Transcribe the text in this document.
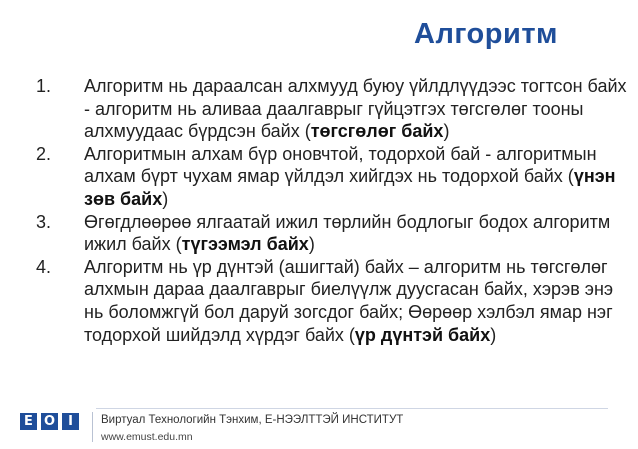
Алгоритм
1.	Алгоритм нь дараалсан алхмууд буюу үйлдлүүдээс тогтсон байх - алгоритм нь аливаа даалгаврыг гүйцэтгэх төгсгөлөг тооны алхмуудаас бүрдсэн байх (төгсгөлөг байх)
2.	Алгоритмын алхам бүр оновчтой, тодорхой бай - алгоритмын алхам бүрт чухам ямар үйлдэл хийгдэх нь тодорхой байх (үнэн зөв байх)
3.	Өгөгдлөөрөө ялгаатай ижил төрлийн бодлогыг бодох алгоритм ижил байх (түгээмэл байх)
4.	Алгоритм нь үр дүнтэй (ашигтай) байх – алгоритм нь төгсгөлөг алхмын дараа даалгаврыг биелүүлж дуусгасан байх, хэрэв энэ нь боломжгүй бол даруй зогсдог байх; Өөрөөр хэлбэл ямар нэг тодорхой шийдэлд хүрдэг байх (үр дүнтэй байх)
E O	I	Виртуал Технологийн Тэнхим, Е-НЭЭЛТТЭЙ ИНСТИТУТ
www.emust.edu.mn
